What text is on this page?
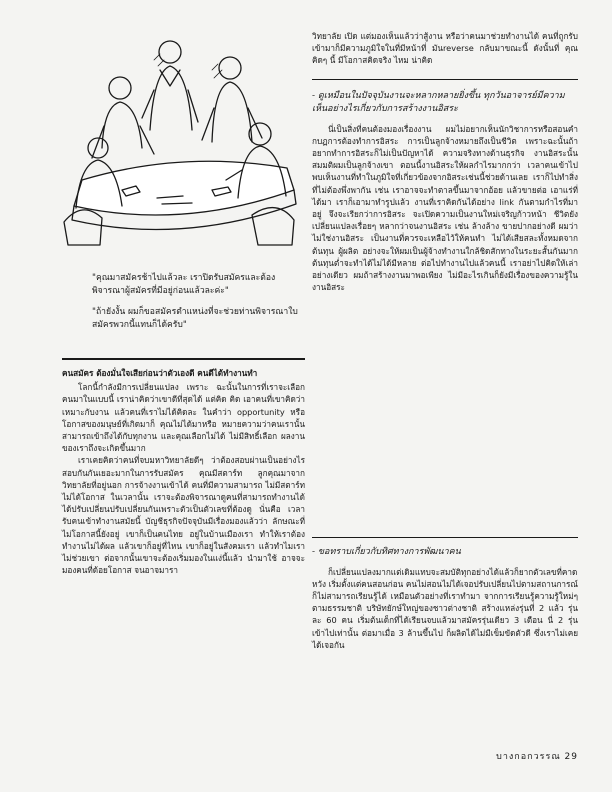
"คุณมาสมัครช้าไปแล้วละ เราปิดรับสมัครและต้องพิจารณาผู้สมัครที่มีอยู่ก่อนแล้วละค่ะ"

"ถ้ายังงั้น ผมก็ขอสมัครตำแหน่งที่จะช่วยท่านพิจารณาใบสมัครพวกนี้แทนก็ได้ครับ"

คนสมัคร ต้องมั่นใจเสียก่อนว่าตัวเองดี คนดีได้ทำงานทำ

โลกนี้กำลังมีการเปลี่ยนแปลง เพราะ ฉะนั้นในการที่เราจะเลือกคนมาในแบบนี้ เราน่าคิดว่าเขาดีที่สุดได้ แต่คิด คิด เอาคนที่เขาคิดว่าเหมาะกับงาน แล้วคนที่เราไม่ได้คิดละ ในคำว่า opportunity หรือโอกาสของมนุษย์ที่เกิดมาก็ คุณไม่ได้มาหรือ หมายความว่าคนเรานั้นสามารถเข้าถึงได้กับทุกงาน และคุณเลือกไม่ได้ ไม่มีสิทธิ์เลือก ผลงานของเราถึงจะเกิดขึ้นมาก

เราเคยคิดว่าคนที่จบมหาวิทยาลัยดีๆ ว่าต้องสอบผ่านเป็นอย่างไร สอบกันกันเยอะมากในการรับสมัคร คุณมีสตาร์ท ลูกคุณมาจากวิทยาลัยที่อยู่นอก การจ้างงานเข้าได้ คนที่มีความสามารถ ไม่มีสตาร์ท ไม่ได้โอกาส ในเวลานั้น เราจะต้องพิจารณาดูคนที่สามารถทำงานได้ ได้ปรับเปลี่ยนปรับเปลี่ยนกันเพราะตัวเป็นตัวเลขที่ต้องดู นั่นคือ เวลารับคนเข้าทำงานสมัยนี้ บัญชีธุรกิจปัจจุบันมีเรื่องมองแล้วว่า ลักษณะที่ไม่โอกาสนี้ยังอยู่ เขาก็เป็นคนไทย อยู่ในบ้านเมืองเรา ทำให้เราต้องทำงานไม่ได้ผล แล้วเขาก็อยู่ที่ไหน เขาก็อยู่ในสังคมเรา แล้วทำไมเราไม่ช่วยเขา ต่อจากนั้นเขาจะต้องเริ่มมองในแง่นี้แล้ว นำมาใช้ อาจจะ มองคนที่ด้อยโอกาส จนอาจมารา

วิทยาลัย เปิด แต่มองเห็นแล้วว่าสู้งาน หรือว่าคนมาช่วยทำงานได้ คนที่ถูกรับเข้ามาก็มีความภูมิใจในที่มีหน้าที่ มันreverse กลับมาขณะนี้ ดังนั้นที่ คุณคิดๆ นี้ มีโอกาสคิดจริง ไหม น่าคิด

- ดูเหมือนในปัจจุบันงานจะหลากหลายยิ่งขึ้น ทุกวันอาจารย์มีความเห็นอย่างไรเกี่ยวกับการสร้างงานอิสระ

นี่เป็นสิ่งที่คนต้องมองเรื่องงาน ผมไม่อยากเห็นนักวิชาการหรือสอนคำกบฏการต้องทำการอิสระ การเป็นลูกจ้างหมายถึงเป็นชีวิต เพราะฉะนั้นถ้าอยากทำการอิสระก็ไม่เป็นปัญหาได้ ความจริงทางด้านธุรกิจ งานอิสระนั้น สมมติผมเป็นลูกจ้างเขา ตอนนี้งานอิสระให้ผลกำไรมากกว่า เวลาคนเข้าไปพบเห็นงานที่ทำในภูมิใจที่เกี่ยวข้องจากอิสระเช่นนี้ช่วยด้านเลย เราก็ไปทำสิ่งที่ไม่ต้องพึ่งพากัน เช่น เราอาจจะทำตาลขึ้นมาจากอ้อย แล้วขายต่อ เอาแร่ที่ได้มา เราก็เอามาทำรูปแล้ว งานที่เราคิดกันได้อย่าง link กันตามกำไรที่มาอยู่ จึงจะเรียกว่าการอิสระ จะเปิดความเป็นงานใหม่เจริญก้าวหน้า ชีวิตยังเปลี่ยนแปลงเรื่อยๆ หลากว่าจนงานอิสระ เช่น ล้างล้าง ขายปากอย่างดี ผมว่าไม่ใช่งานอิสระ เป็นงานที่ควรจะเหลือไว้ให้คนทำ ไม่ได้เสียสละทั้งหมดจากต้นทุน ผู้ผลิต อย่างจะให้ผมเป็นผู้จ้างทำงานใกล้ชิดสักทางในระยะสั้นกันมาก ต้นทุนต่ำจะทำได้ไม่ได้มีหลาย ต่อไปทำงานไปแล้วคนนี้ เราอย่าไปคิดให้เล่าอย่างเดียว ผมถ้าสร้างงานมาพอเพียง ไม่มีอะไรเกินก็ยังมีเรื่องของความรู้ในงานอิสระ

- ขอทราบเกี่ยวกับทิศทางการพัฒนาคน

ก็เปลี่ยนแปลงมากแต่เดิมแทบจะสมบัติทุกอย่างได้แล้วก็ยากตัวเลขที่คาดหวัง เริ่มตั้งแต่คนสอนก่อน คนไม่สอนไม่ได้เจอปรับเปลี่ยนไปตามสถานการณ์ ก็ไม่สามารถเรียนรู้ได้ เหมือนตัวอย่างที่เราทำมา จากการเรียนรู้ความรู้ใหม่ๆ ตามธรรมชาติ บริษัทยักษ์ใหญ่ของชาวต่างชาติ สร้างแหล่งรุ่นที่ 2 แล้ว รุ่นละ 60 คน เริ่มต้นเด็กที่ได้เรียนจบแล้วมาสมัครรุ่นเดียว 3 เดือน นี่ 2 รุ่นเข้าไปเท่านั้น ต่อมาเมื่อ 3 ล้านขึ้นไป ก็ผลิตได้ไม่มีเข็มขัดตัวดี ซึ่งเราไม่เคยได้เจอกัน

บางกอกวรรณ 29
